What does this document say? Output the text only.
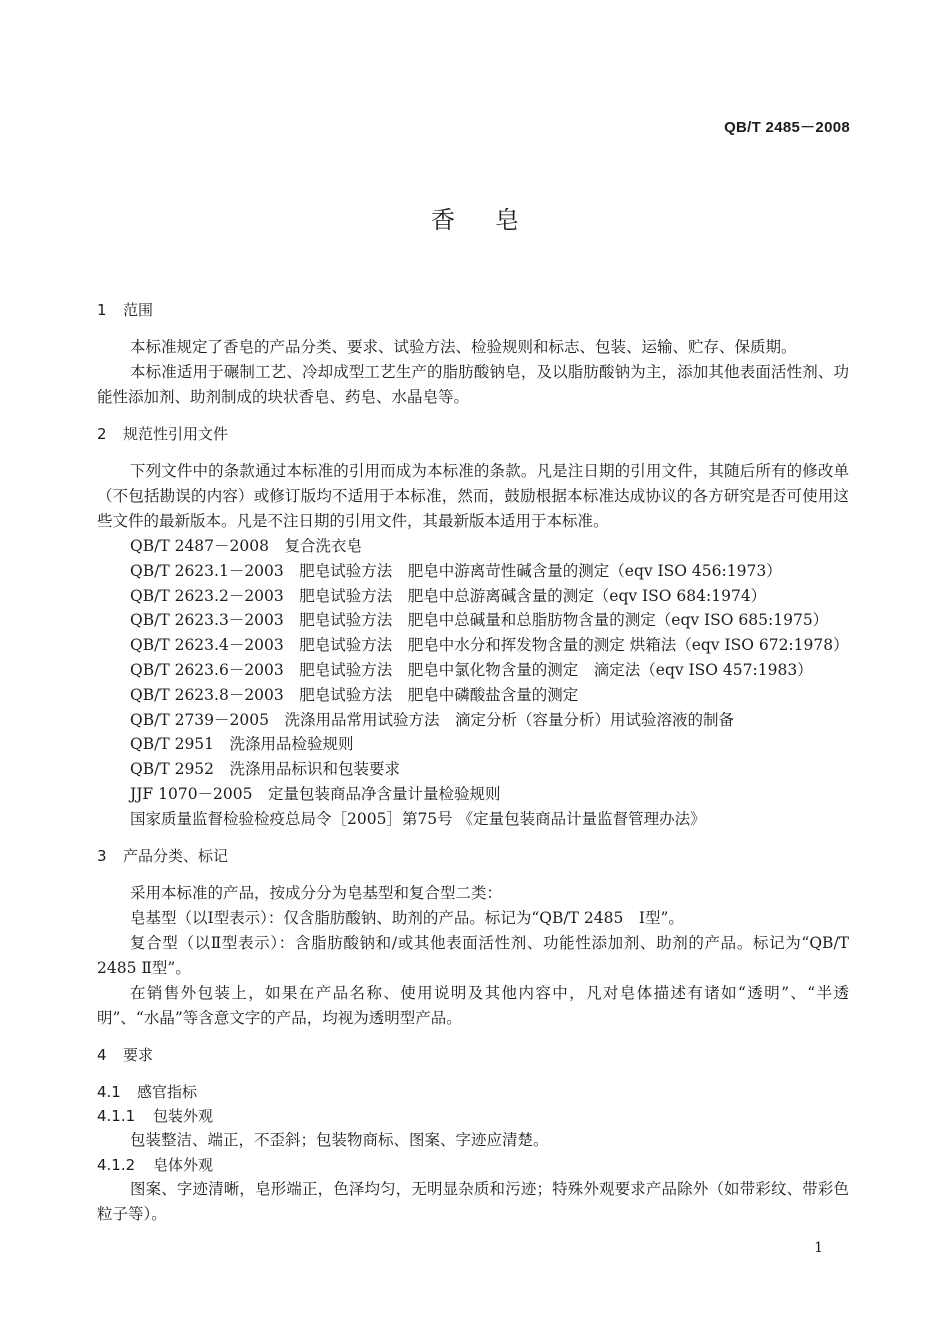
QB/T 2485－2008
香皂

1 范围

本标准规定了香皂的产品分类、要求、试验方法、检验规则和标志、包装、运输、贮存、保质期。

本标准适用于碾制工艺、冷却成型工艺生产的脂肪酸钠皂，及以脂肪酸钠为主，添加其他表面活性剂、功能性添加剂、助剂制成的块状香皂、药皂、水晶皂等。

2 规范性引用文件

下列文件中的条款通过本标准的引用而成为本标准的条款。凡是注日期的引用文件，其随后所有的修改单（不包括勘误的内容）或修订版均不适用于本标准，然而，鼓励根据本标准达成协议的各方研究是否可使用这些文件的最新版本。凡是不注日期的引用文件，其最新版本适用于本标准。

QB/T 2487－2008　复合洗衣皂

QB/T 2623.1－2003　肥皂试验方法　肥皂中游离苛性碱含量的测定（eqv ISO 456:1973）

QB/T 2623.2－2003　肥皂试验方法　肥皂中总游离碱含量的测定（eqv ISO 684:1974）

QB/T 2623.3－2003　肥皂试验方法　肥皂中总碱量和总脂肪物含量的测定（eqv ISO 685:1975）

QB/T 2623.4－2003　肥皂试验方法　肥皂中水分和挥发物含量的测定 烘箱法（eqv ISO 672:1978）

QB/T 2623.6－2003　肥皂试验方法　肥皂中氯化物含量的测定　滴定法（eqv ISO 457:1983）

QB/T 2623.8－2003　肥皂试验方法　肥皂中磷酸盐含量的测定

QB/T 2739－2005　洗涤用品常用试验方法　滴定分析（容量分析）用试验溶液的制备

QB/T 2951　洗涤用品检验规则

QB/T 2952　洗涤用品标识和包装要求

JJF 1070－2005　定量包装商品净含量计量检验规则

国家质量监督检验检疫总局令［2005］第75号 《定量包装商品计量监督管理办法》

3 产品分类、标记

采用本标准的产品，按成分分为皂基型和复合型二类：

皂基型（以Ⅰ型表示）：仅含脂肪酸钠、助剂的产品。标记为“QB/T 2485　Ⅰ型”。

复合型（以Ⅱ型表示）：含脂肪酸钠和/或其他表面活性剂、功能性添加剂、助剂的产品。标记为“QB/T 2485 Ⅱ型”。

在销售外包装上，如果在产品名称、使用说明及其他内容中，凡对皂体描述有诸如“透明”、“半透明”、“水晶”等含意文字的产品，均视为透明型产品。

4 要求

4.1 感官指标

4.1.1 包装外观

包装整洁、端正，不歪斜；包装物商标、图案、字迹应清楚。

4.1.2 皂体外观

图案、字迹清晰，皂形端正，色泽均匀，无明显杂质和污迹；特殊外观要求产品除外（如带彩纹、带彩色粒子等）。

1
